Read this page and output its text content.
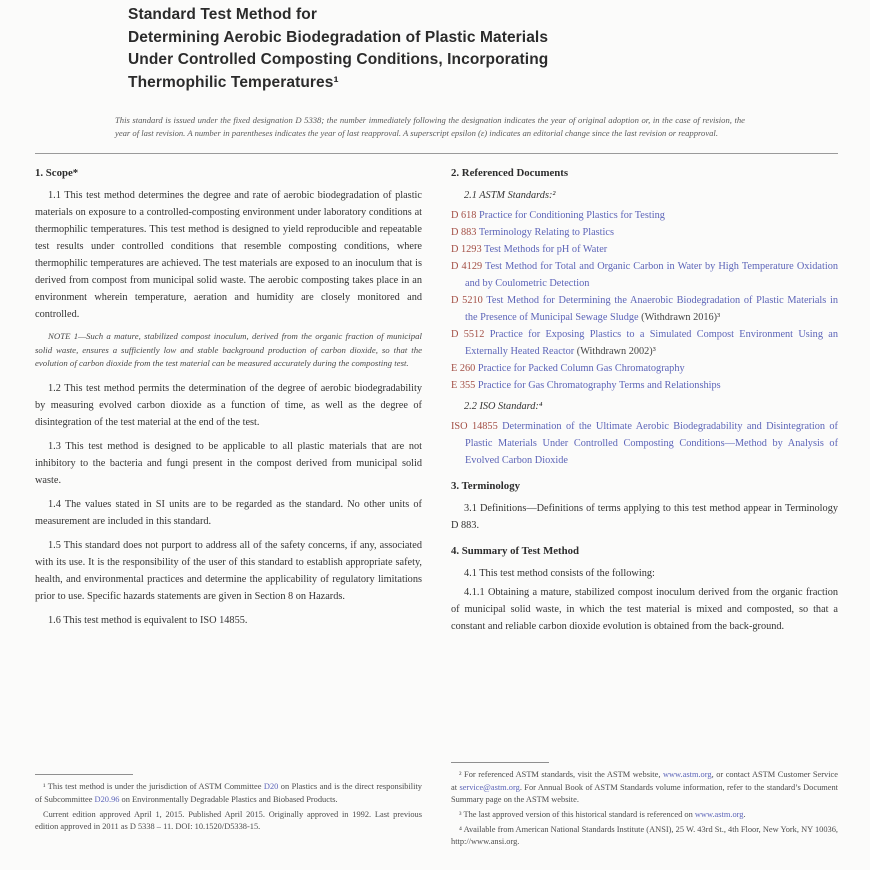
Standard Test Method for
Determining Aerobic Biodegradation of Plastic Materials
Under Controlled Composting Conditions, Incorporating
Thermophilic Temperatures¹

This standard is issued under the fixed designation D 5338; the number immediately following the designation indicates the year of original adoption or, in the case of revision, the year of last revision. A number in parentheses indicates the year of last reapproval. A superscript epsilon (ε) indicates an editorial change since the last revision or reapproval.

1. Scope*

1.1 This test method determines the degree and rate of aerobic biodegradation of plastic materials on exposure to a controlled-composting environment under laboratory conditions at thermophilic temperatures. This test method is designed to yield reproducible and repeatable test results under controlled conditions that resemble composting conditions, where thermophilic temperatures are achieved. The test materials are exposed to an inoculum that is derived from compost from municipal solid waste. The aerobic composting takes place in an environment wherein temperature, aeration and humidity are closely monitored and controlled.

NOTE 1—Such a mature, stabilized compost inoculum, derived from the organic fraction of municipal solid waste, ensures a sufficiently low and stable background production of carbon dioxide, so that the evolution of carbon dioxide from the test material can be measured accurately during the composting test.

1.2 This test method permits the determination of the degree of aerobic biodegradability by measuring evolved carbon dioxide as a function of time, as well as the degree of disintegration of the test material at the end of the test.

1.3 This test method is designed to be applicable to all plastic materials that are not inhibitory to the bacteria and fungi present in the compost derived from municipal solid waste.

1.4 The values stated in SI units are to be regarded as the standard. No other units of measurement are included in this standard.

1.5 This standard does not purport to address all of the safety concerns, if any, associated with its use. It is the responsibility of the user of this standard to establish appropriate safety, health, and environmental practices and determine the applicability of regulatory limitations prior to use. Specific hazards statements are given in Section 8 on Hazards.

1.6 This test method is equivalent to ISO 14855.

¹ This test method is under the jurisdiction of ASTM Committee D20 on Plastics and is the direct responsibility of Subcommittee D20.96 on Environmentally Degradable Plastics and Biobased Products.

Current edition approved April 1, 2015. Published April 2015. Originally approved in 1992. Last previous edition approved in 2011 as D 5338 – 11. DOI: 10.1520/D5338-15.

2. Referenced Documents

2.1 ASTM Standards:²

D 618 Practice for Conditioning Plastics for Testing

D 883 Terminology Relating to Plastics

D 1293 Test Methods for pH of Water

D 4129 Test Method for Total and Organic Carbon in Water by High Temperature Oxidation and by Coulometric Detection

D 5210 Test Method for Determining the Anaerobic Biodegradation of Plastic Materials in the Presence of Municipal Sewage Sludge (Withdrawn 2016)³

D 5512 Practice for Exposing Plastics to a Simulated Compost Environment Using an Externally Heated Reactor (Withdrawn 2002)³

E 260 Practice for Packed Column Gas Chromatography

E 355 Practice for Gas Chromatography Terms and Relationships

2.2 ISO Standard:⁴

ISO 14855 Determination of the Ultimate Aerobic Biodegradability and Disintegration of Plastic Materials Under Controlled Composting Conditions—Method by Analysis of Evolved Carbon Dioxide

3. Terminology

3.1 Definitions—Definitions of terms applying to this test method appear in Terminology D 883.

4. Summary of Test Method

4.1 This test method consists of the following:

4.1.1 Obtaining a mature, stabilized compost inoculum derived from the organic fraction of municipal solid waste, in which the test material is mixed and composted, so that a constant and reliable carbon dioxide evolution is obtained from the back-ground.

² For referenced ASTM standards, visit the ASTM website, www.astm.org, or contact ASTM Customer Service at service@astm.org. For Annual Book of ASTM Standards volume information, refer to the standard’s Document Summary page on the ASTM website.

³ The last approved version of this historical standard is referenced on www.astm.org.

⁴ Available from American National Standards Institute (ANSI), 25 W. 43rd St., 4th Floor, New York, NY 10036, http://www.ansi.org.
